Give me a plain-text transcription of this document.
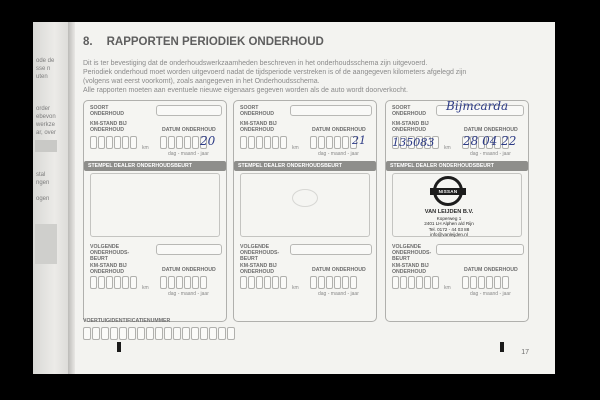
ode de
sse n
uten
order
ebevon
werkze
ar, over
stal
ngen
ogen
8. RAPPORTEN PERIODIEK ONDERHOUD
Dit is ter bevestiging dat de onderhoudswerkzaamheden beschreven in het onderhoudsschema zijn uitgevoerd.
Periodiek onderhoud moet worden uitgevoerd nadat de tijdsperiode verstreken is of de aangegeven kilometers afgelegd zijn
(volgens wat eerst voorkomt), zoals aangegeven in het Onderhoudsschema.
Alle rapporten moeten aan eventuele nieuwe eigenaars gegeven worden als de auto wordt doorverkocht.
SOORT ONDERHOUD
KM-STAND BIJ ONDERHOUD	DATUM ONDERHOUD
km	20
dag - maand - jaar
STEMPEL DEALER ONDERHOUDSBEURT
VOLGENDE ONDERHOUDS-BEURT
KM-STAND BIJ ONDERHOUD	DATUM ONDERHOUD
km
dag - maand - jaar
SOORT ONDERHOUD
KM-STAND BIJ ONDERHOUD	DATUM ONDERHOUD
km
21
dag - maand - jaar
STEMPEL DEALER ONDERHOUDSBEURT
VOLGENDE ONDERHOUDS-BEURT
KM-STAND BIJ ONDERHOUD	DATUM ONDERHOUD
km
dag - maand - jaar
SOORT ONDERHOUD
Bijmcarda
KM-STAND BIJ ONDERHOUD	DATUM ONDERHOUD
135083 km 28 04 22
dag - maand - jaar
STEMPEL DEALER ONDERHOUDSBEURT
NISSAN
VAN LEIJDEN B.V.
Koperweg 1
2401 LH Alphen a/d Rijn
Tel. 0172 - 44 03 88
info@vanleijden.nl
VOLGENDE ONDERHOUDS-BEURT
KM-STAND BIJ ONDERHOUD	DATUM ONDERHOUD
km
dag - maand - jaar
VOERTUIGIDENTIFICATIENUMMER
17
